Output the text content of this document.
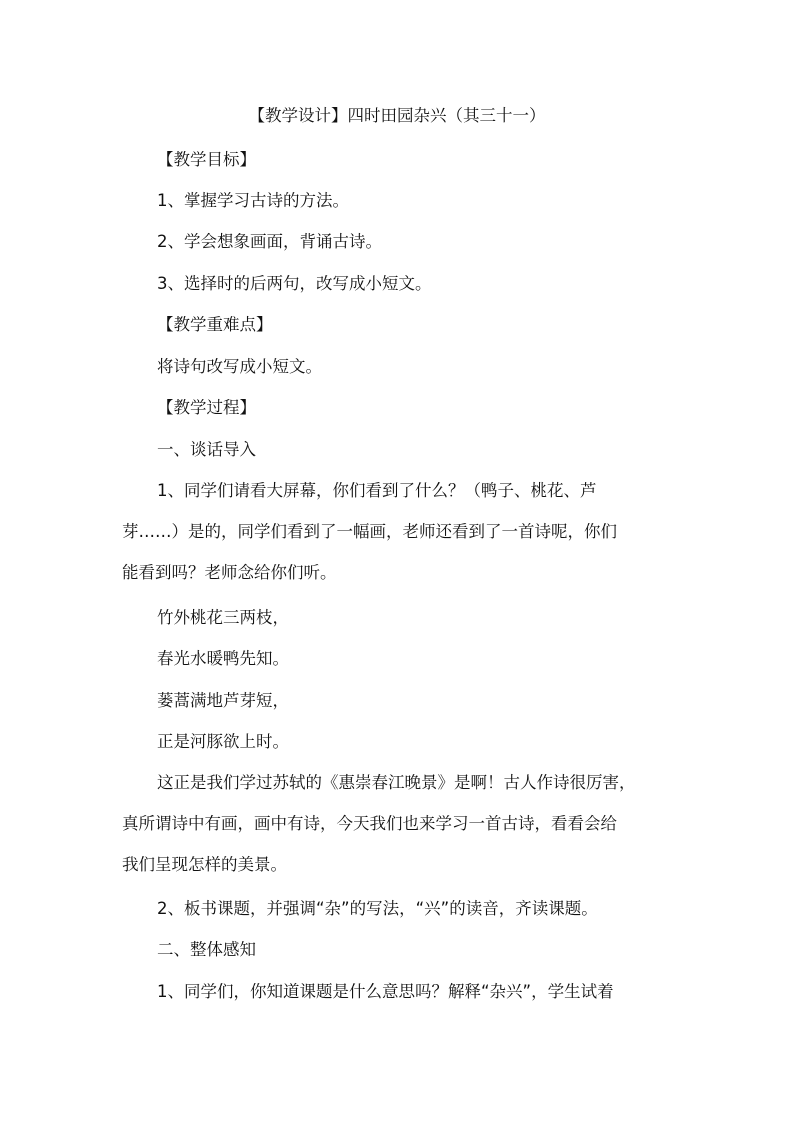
【教学设计】四时田园杂兴（其三十一）
【教学目标】
1、掌握学习古诗的方法。
2、学会想象画面，背诵古诗。
3、选择时的后两句，改写成小短文。
【教学重难点】
将诗句改写成小短文。
【教学过程】
一、谈话导入
1、同学们请看大屏幕，你们看到了什么？（鸭子、桃花、芦
芽……）是的，同学们看到了一幅画，老师还看到了一首诗呢，你们
能看到吗？老师念给你们听。
竹外桃花三两枝，
春光水暖鸭先知。
蒌蒿满地芦芽短，
正是河豚欲上时。
这正是我们学过苏轼的《惠崇春江晚景》是啊！古人作诗很厉害，
真所谓诗中有画，画中有诗，今天我们也来学习一首古诗，看看会给
我们呈现怎样的美景。
2、板书课题，并强调“杂”的写法，“兴”的读音，齐读课题。
二、整体感知
1、同学们，你知道课题是什么意思吗？解释“杂兴”，学生试着
